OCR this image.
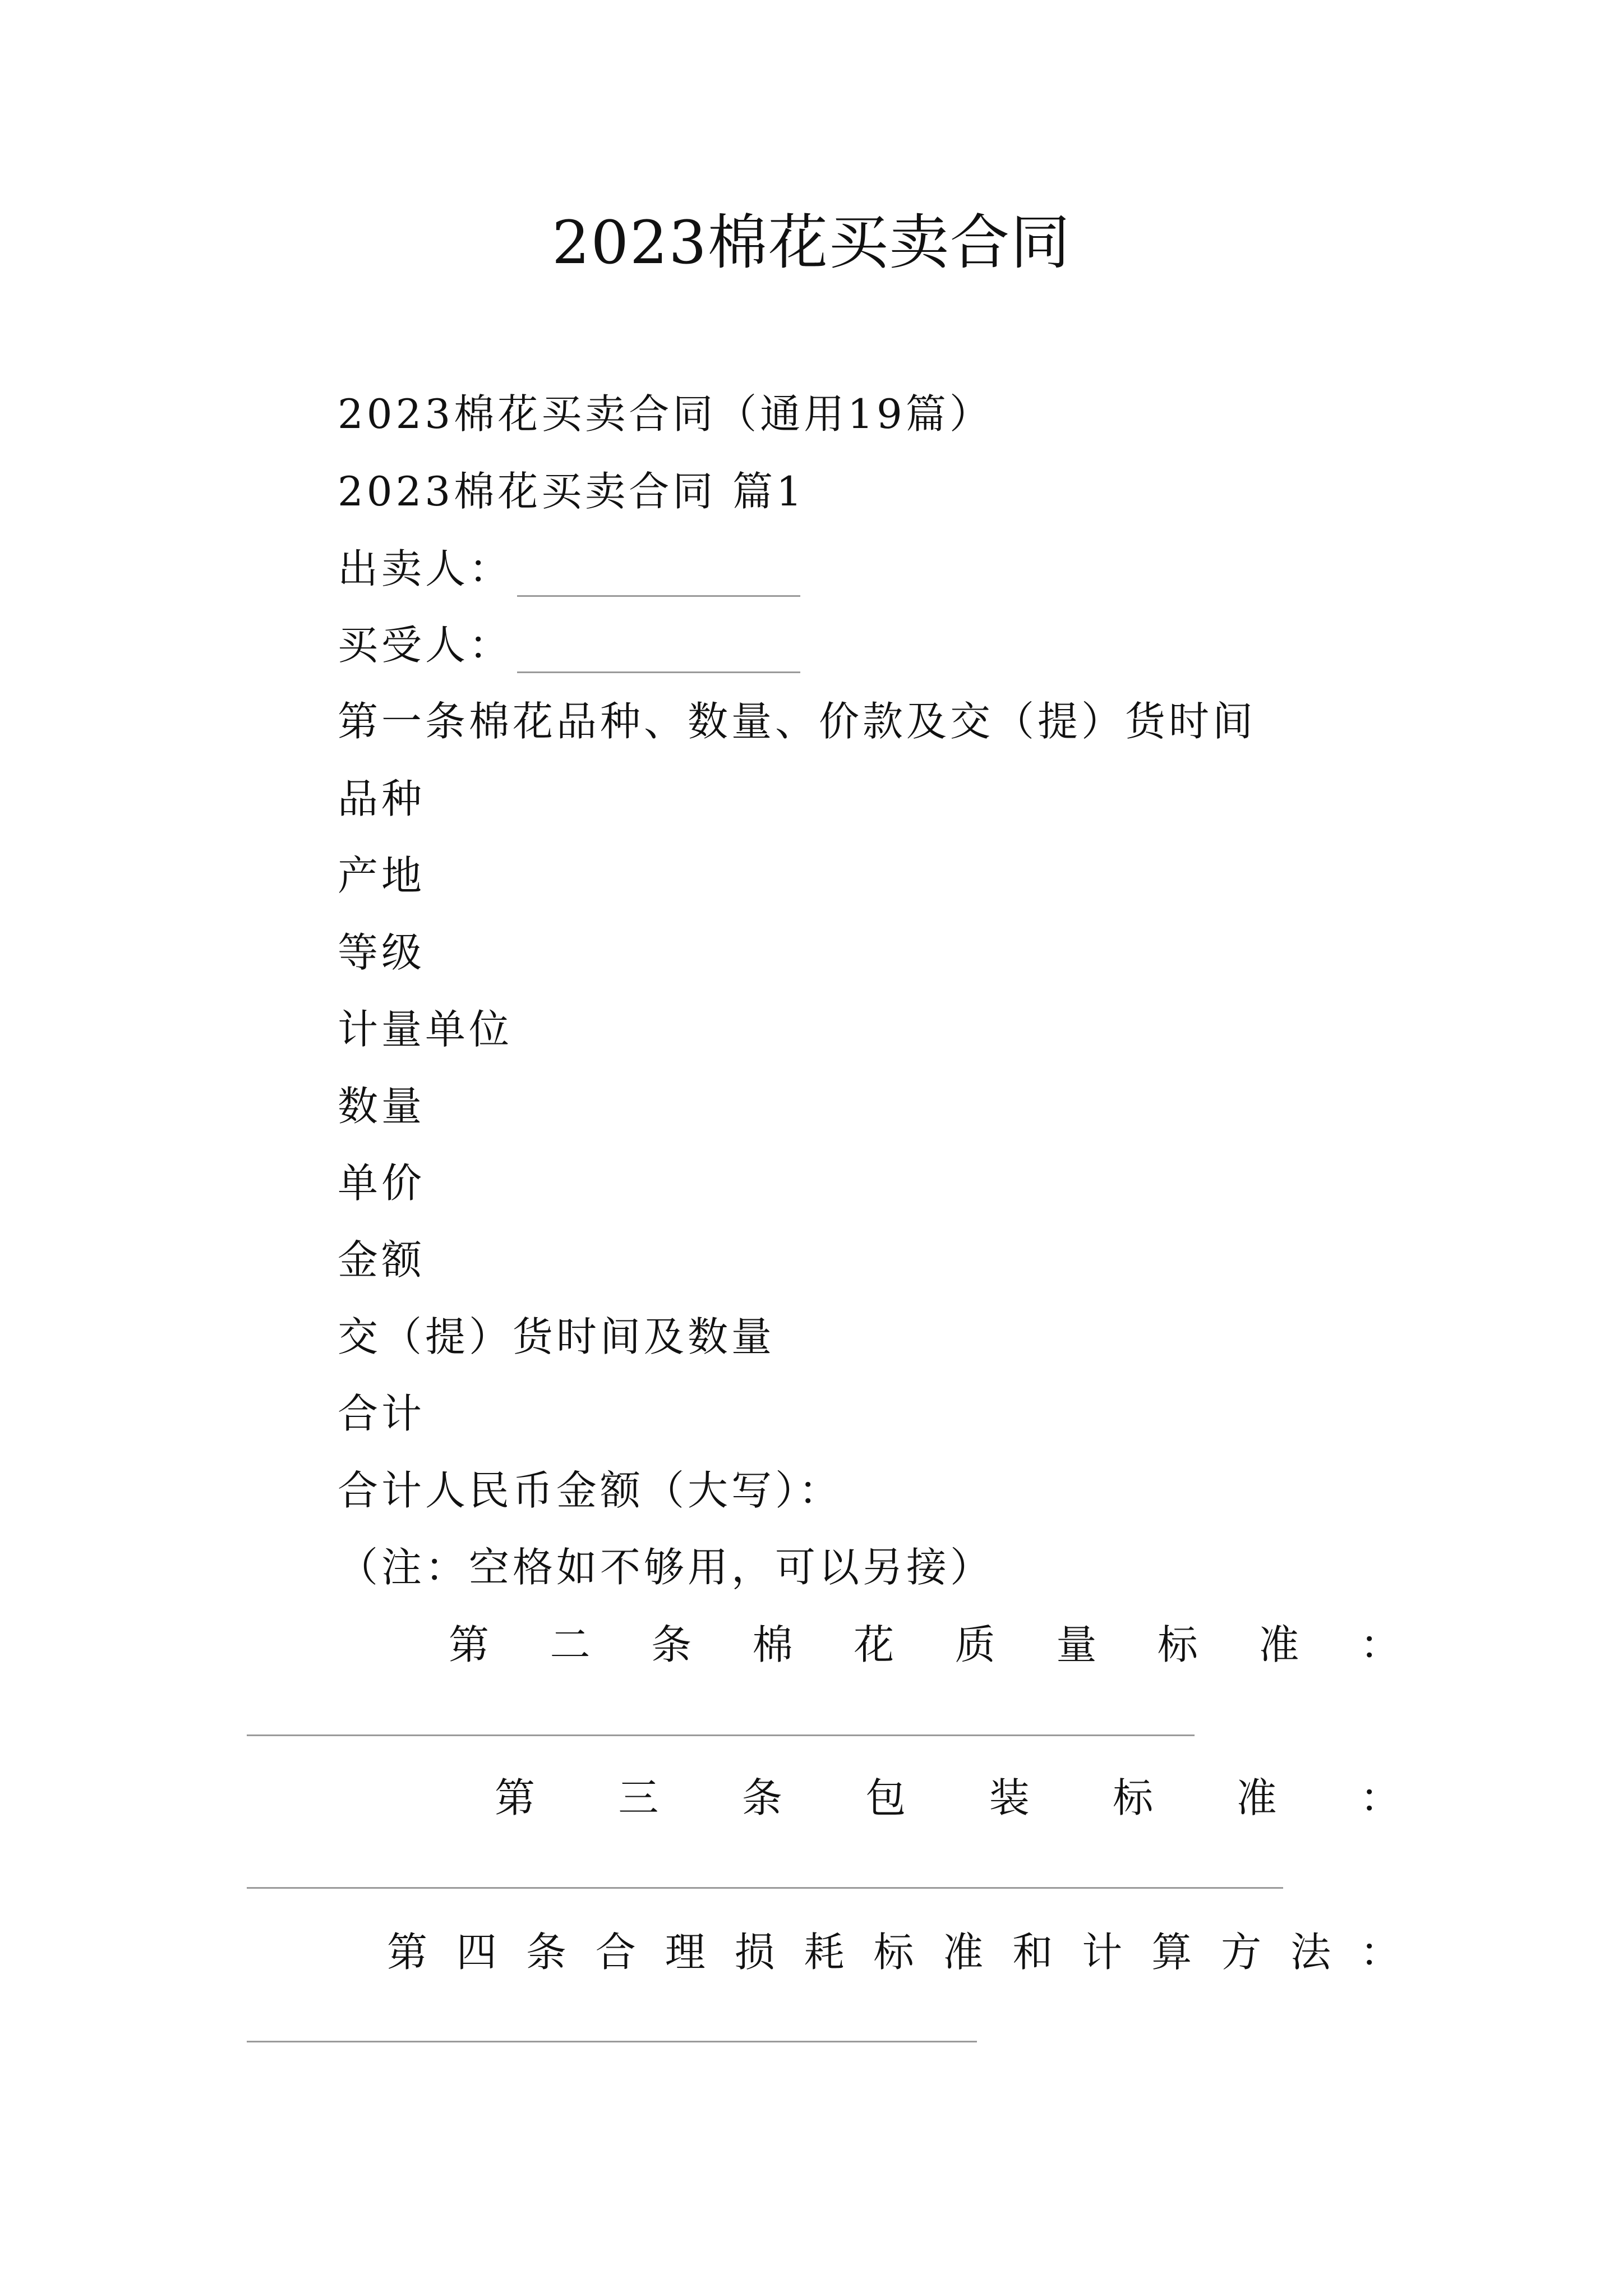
2023棉花买卖合同
2023棉花买卖合同（通用19篇）
2023棉花买卖合同 篇1
出卖人：
买受人：
第一条棉花品种、数量、价款及交（提）货时间
品种
产地
等级
计量单位
数量
单价
金额
交（提）货时间及数量
合计
合计人民币金额（大写）：
（注：空格如不够用，可以另接）
第 二 条 棉 花 质 量 标 准 ：
第 三 条 包 装 标 准 ：
第 四 条 合 理 损 耗 标 准 和 计 算 方 法 ：
